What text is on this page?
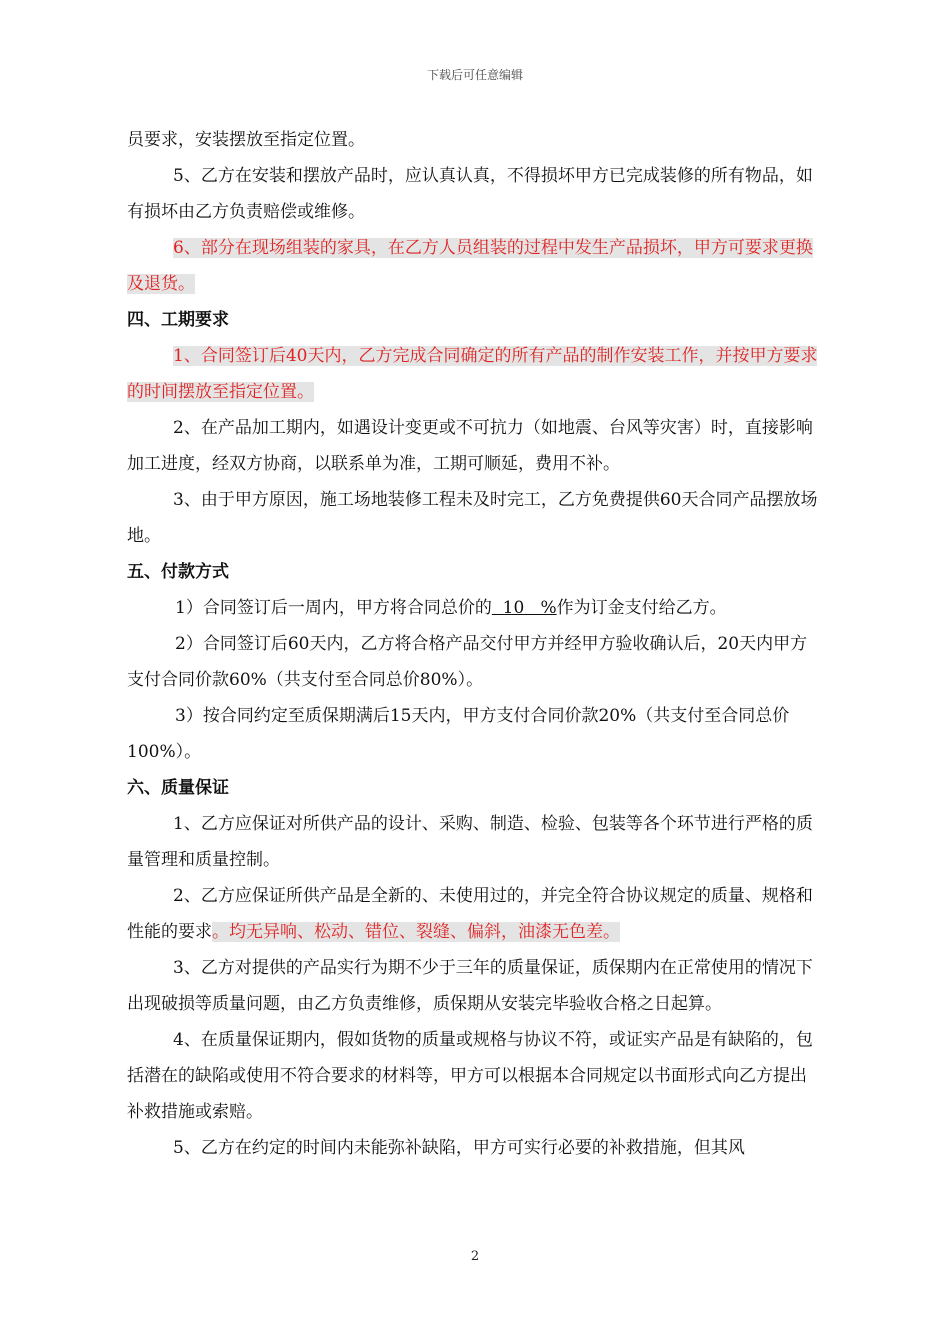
下载后可任意编辑

员要求，安装摆放至指定位置。

5、乙方在安装和摆放产品时，应认真认真，不得损坏甲方已完成装修的所有物品，如有损坏由乙方负责赔偿或维修。

6、部分在现场组装的家具，在乙方人员组装的过程中发生产品损坏，甲方可要求更换及退货。

四、工期要求

1、合同签订后40天内，乙方完成合同确定的所有产品的制作安装工作，并按甲方要求的时间摆放至指定位置。

2、在产品加工期内，如遇设计变更或不可抗力（如地震、台风等灾害）时，直接影响加工进度，经双方协商，以联系单为准，工期可顺延，费用不补。

3、由于甲方原因，施工场地装修工程未及时完工，乙方免费提供60天合同产品摆放场地。

五、付款方式

1）合同签订后一周内，甲方将合同总价的  10   %作为订金支付给乙方。

2）合同签订后60天内，乙方将合格产品交付甲方并经甲方验收确认后，20天内甲方支付合同价款60%（共支付至合同总价80%）。

3）按合同约定至质保期满后15天内，甲方支付合同价款20%（共支付至合同总价100%）。

六、质量保证

1、乙方应保证对所供产品的设计、采购、制造、检验、包装等各个环节进行严格的质量管理和质量控制。

2、乙方应保证所供产品是全新的、未使用过的，并完全符合协议规定的质量、规格和性能的要求。均无异响、松动、错位、裂缝、偏斜，油漆无色差。

3、乙方对提供的产品实行为期不少于三年的质量保证，质保期内在正常使用的情况下出现破损等质量问题，由乙方负责维修，质保期从安装完毕验收合格之日起算。

4、在质量保证期内，假如货物的质量或规格与协议不符，或证实产品是有缺陷的，包括潜在的缺陷或使用不符合要求的材料等，甲方可以根据本合同规定以书面形式向乙方提出补救措施或索赔。

5、乙方在约定的时间内未能弥补缺陷，甲方可实行必要的补救措施，但其风

2
